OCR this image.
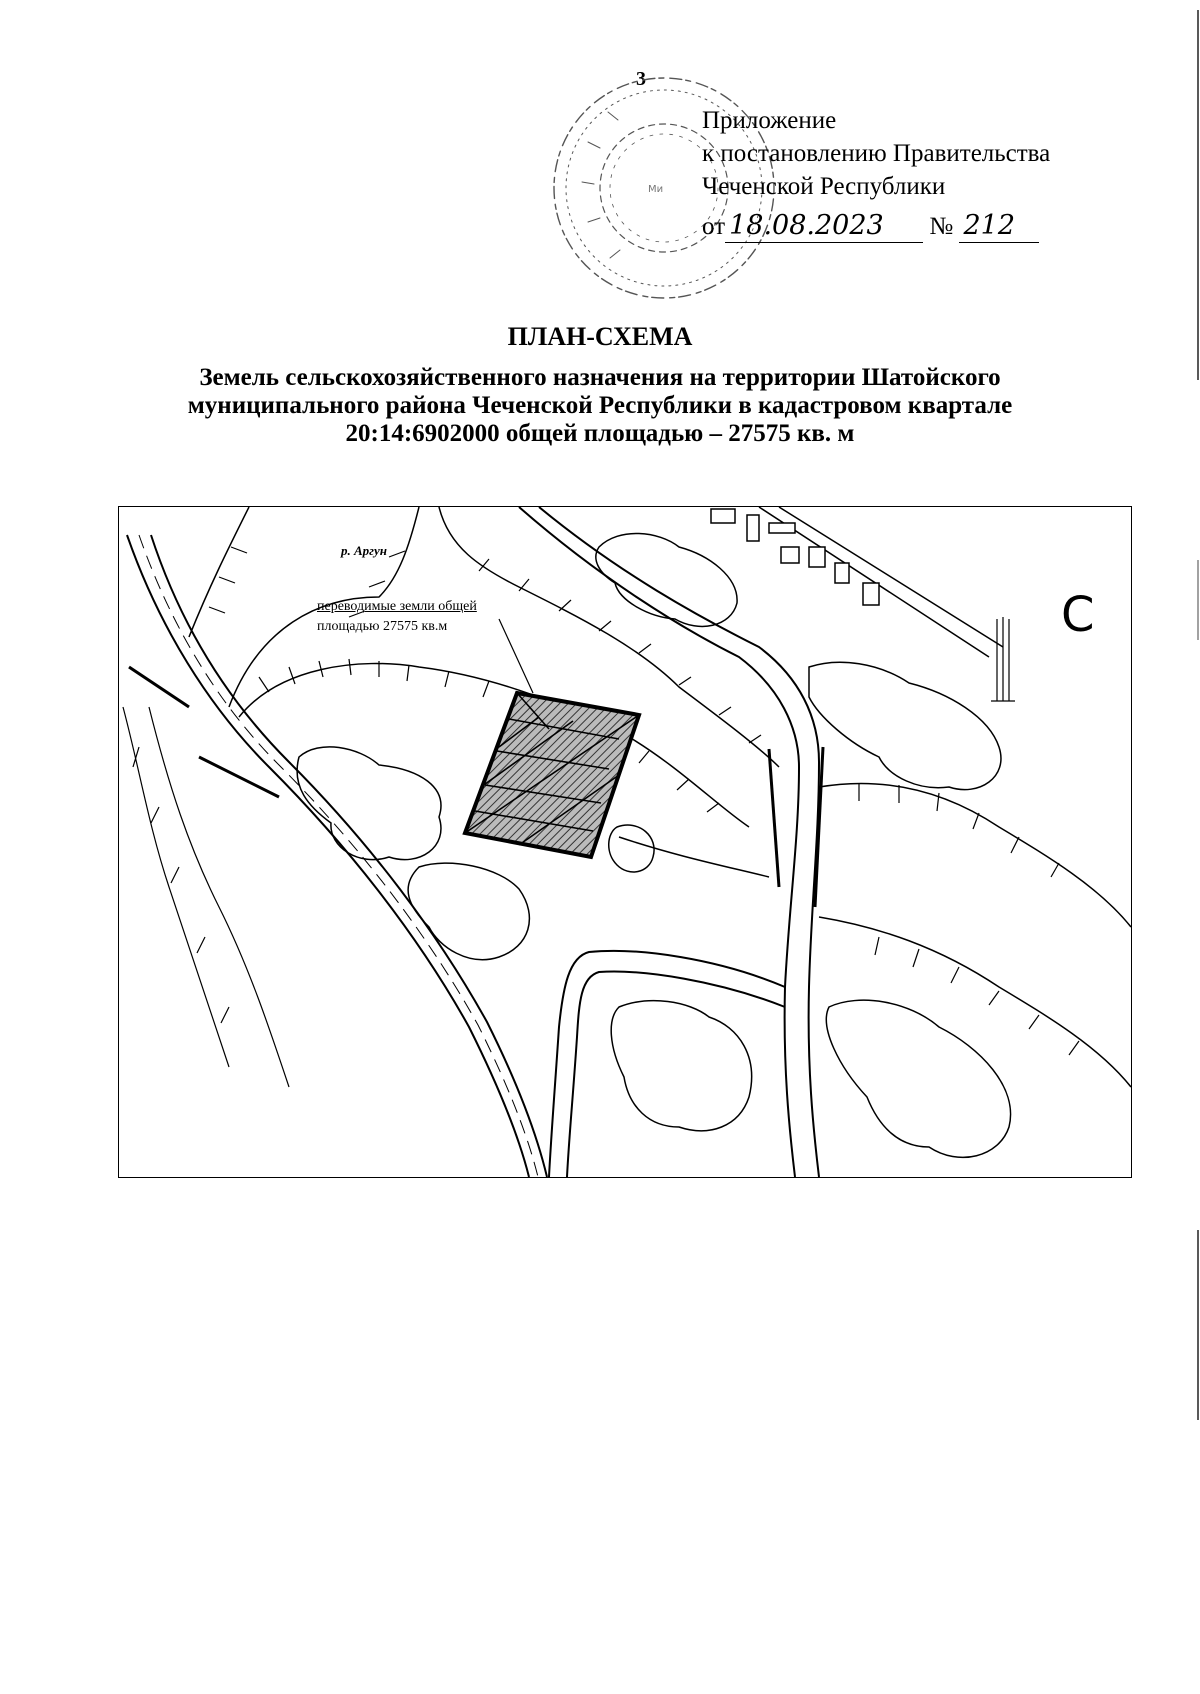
3
Ми
Приложение
к постановлению Правительства
Чеченской Республики
от 18.08.2023 № 212
ПЛАН-СХЕМА
Земель сельскохозяйственного назначения на территории Шатойского
муниципального района Чеченской Республики в кадастровом квартале
20:14:6902000 общей площадью – 27575 кв. м
р. Аргун
переводимые земли общей
площадью 27575 кв.м	С
